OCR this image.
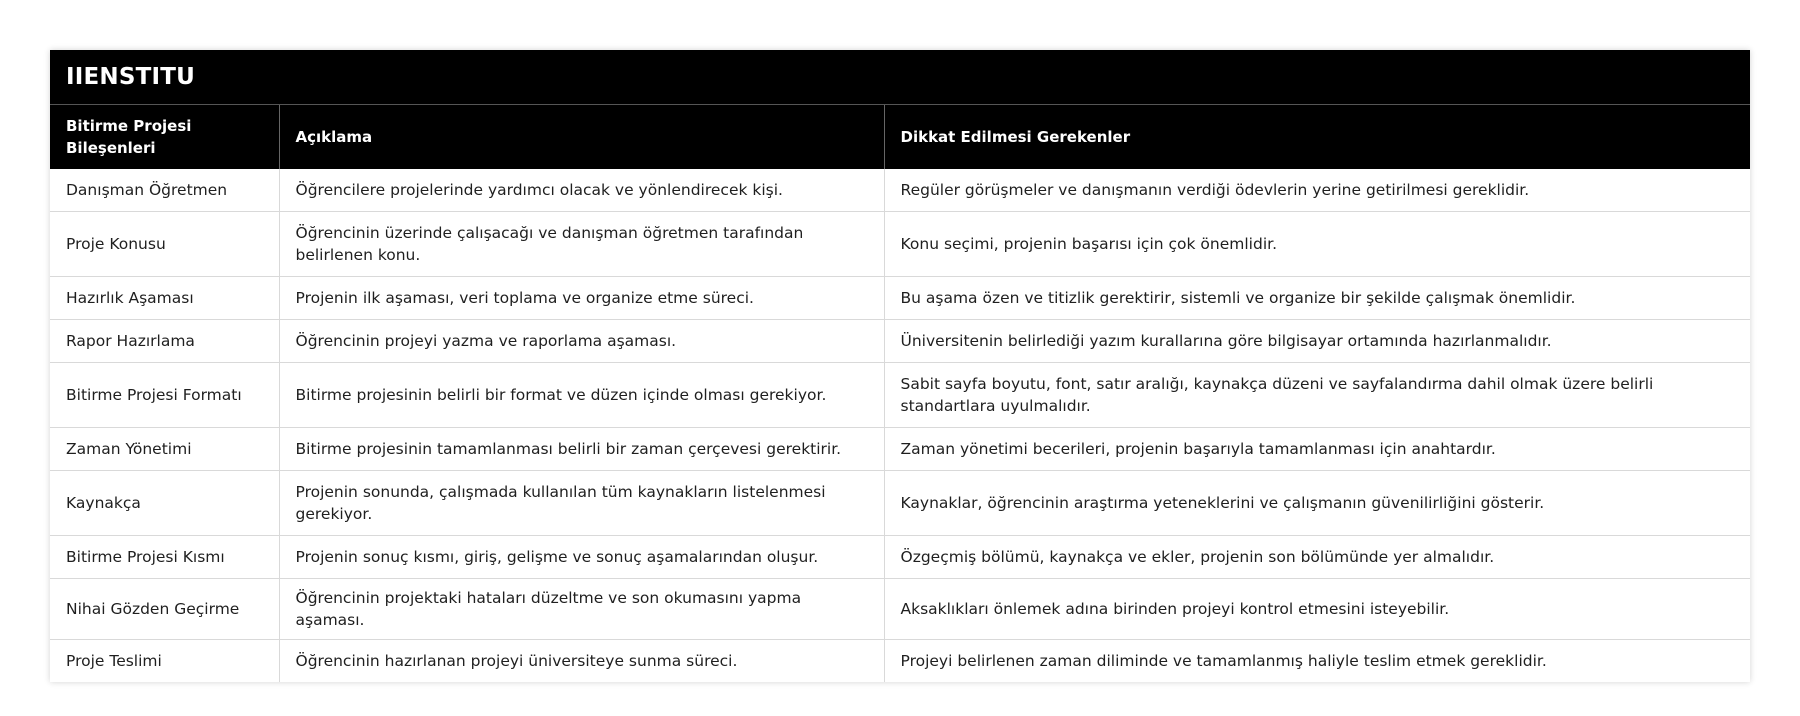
IIENSTITU
Bitirme Projesi Bileşenleri	Açıklama	Dikkat Edilmesi Gerekenler
Danışman Öğretmen	Öğrencilere projelerinde yardımcı olacak ve yönlendirecek kişi.	Regüler görüşmeler ve danışmanın verdiği ödevlerin yerine getirilmesi gereklidir.
Proje Konusu	Öğrencinin üzerinde çalışacağı ve danışman öğretmen tarafından belirlenen konu.	Konu seçimi, projenin başarısı için çok önemlidir.
Hazırlık Aşaması	Projenin ilk aşaması, veri toplama ve organize etme süreci.	Bu aşama özen ve titizlik gerektirir, sistemli ve organize bir şekilde çalışmak önemlidir.
Rapor Hazırlama	Öğrencinin projeyi yazma ve raporlama aşaması.	Üniversitenin belirlediği yazım kurallarına göre bilgisayar ortamında hazırlanmalıdır.
Bitirme Projesi Formatı	Bitirme projesinin belirli bir format ve düzen içinde olması gerekiyor.	Sabit sayfa boyutu, font, satır aralığı, kaynakça düzeni ve sayfalandırma dahil olmak üzere belirli standartlara uyulmalıdır.
Zaman Yönetimi	Bitirme projesinin tamamlanması belirli bir zaman çerçevesi gerektirir.	Zaman yönetimi becerileri, projenin başarıyla tamamlanması için anahtardır.
Kaynakça	Projenin sonunda, çalışmada kullanılan tüm kaynakların listelenmesi gerekiyor.	Kaynaklar, öğrencinin araştırma yeteneklerini ve çalışmanın güvenilirliğini gösterir.
Bitirme Projesi Kısmı	Projenin sonuç kısmı, giriş, gelişme ve sonuç aşamalarından oluşur.	Özgeçmiş bölümü, kaynakça ve ekler, projenin son bölümünde yer almalıdır.
Nihai Gözden Geçirme	Öğrencinin projektaki hataları düzeltme ve son okumasını yapma aşaması.	Aksaklıkları önlemek adına birinden projeyi kontrol etmesini isteyebilir.
Proje Teslimi	Öğrencinin hazırlanan projeyi üniversiteye sunma süreci.	Projeyi belirlenen zaman diliminde ve tamamlanmış haliyle teslim etmek gereklidir.
